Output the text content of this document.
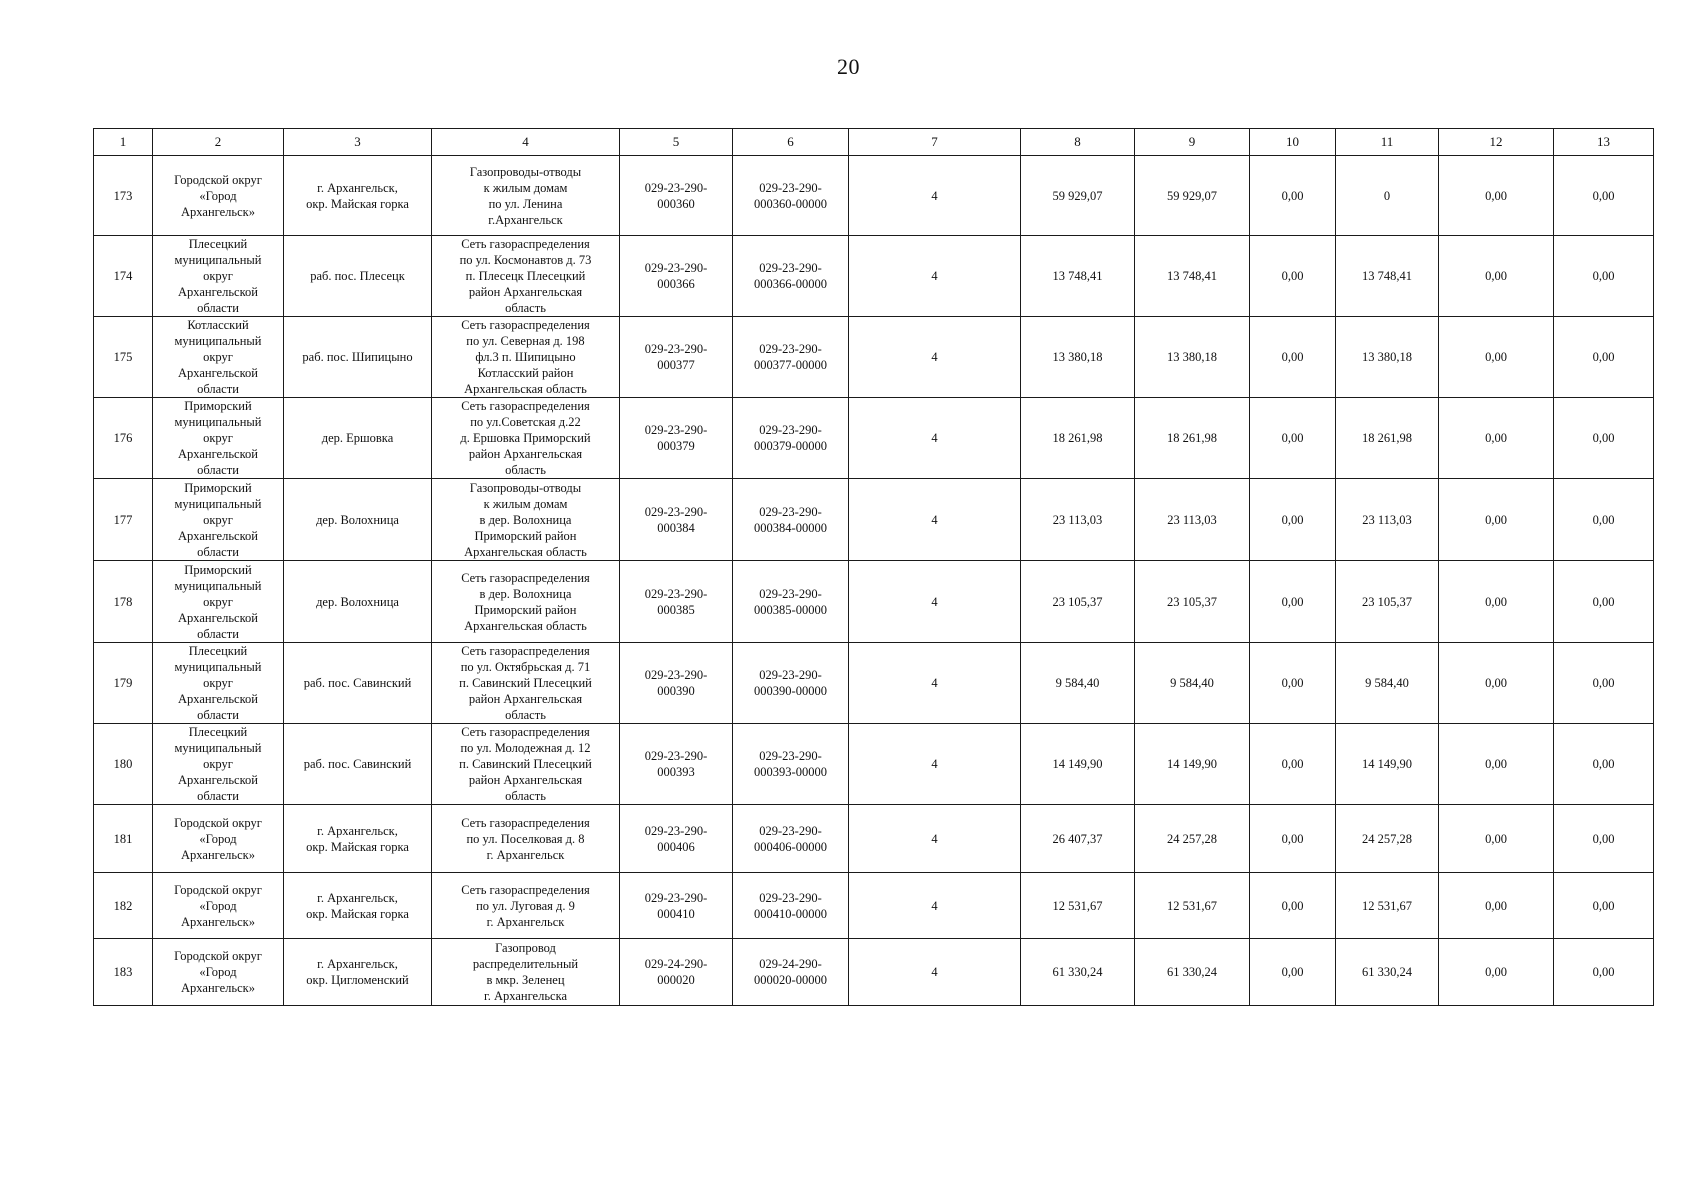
20
1	2	3	4	5	6	7	8	9	10	11	12	13
173	Городской округ
«Город
Архангельск»	г. Архангельск,
окр. Майская горка	Газопроводы-отводы
к жилым домам
по ул. Ленина
г.Архангельск	029-23-290-
000360	029-23-290-
000360-00000	4	59 929,07	59 929,07	0,00	0	0,00	0,00
174	Плесецкий
муниципальный
округ
Архангельской
области	раб. пос. Плесецк	Сеть газораспределения
по ул. Космонавтов д. 73
п. Плесецк Плесецкий
район Архангельская
область	029-23-290-
000366	029-23-290-
000366-00000	4	13 748,41	13 748,41	0,00	13 748,41	0,00	0,00
175	Котласский
муниципальный
округ
Архангельской
области	раб. пос. Шипицыно	Сеть газораспределения
по ул. Северная д. 198
фл.3 п. Шипицыно
Котласский район
Архангельская область	029-23-290-
000377	029-23-290-
000377-00000	4	13 380,18	13 380,18	0,00	13 380,18	0,00	0,00
176	Приморский
муниципальный
округ
Архангельской
области	дер. Ершовка	Сеть газораспределения
по ул.Советская д.22
д. Ершовка Приморский
район Архангельская
область	029-23-290-
000379	029-23-290-
000379-00000	4	18 261,98	18 261,98	0,00	18 261,98	0,00	0,00
177	Приморский
муниципальный
округ
Архангельской
области	дер. Волохница	Газопроводы-отводы
к жилым домам
в дер. Волохница
Приморский район
Архангельская область	029-23-290-
000384	029-23-290-
000384-00000	4	23 113,03	23 113,03	0,00	23 113,03	0,00	0,00
178	Приморский
муниципальный
округ
Архангельской
области	дер. Волохница	Сеть газораспределения
в дер. Волохница
Приморский район
Архангельская область	029-23-290-
000385	029-23-290-
000385-00000	4	23 105,37	23 105,37	0,00	23 105,37	0,00	0,00
179	Плесецкий
муниципальный
округ
Архангельской
области	раб. пос. Савинский	Сеть газораспределения
по ул. Октябрьская д. 71
п. Савинский Плесецкий
район Архангельская
область	029-23-290-
000390	029-23-290-
000390-00000	4	9 584,40	9 584,40	0,00	9 584,40	0,00	0,00
180	Плесецкий
муниципальный
округ
Архангельской
области	раб. пос. Савинский	Сеть газораспределения
по ул. Молодежная д. 12
п. Савинский Плесецкий
район Архангельская
область	029-23-290-
000393	029-23-290-
000393-00000	4	14 149,90	14 149,90	0,00	14 149,90	0,00	0,00
181	Городской округ
«Город
Архангельск»	г. Архангельск,
окр. Майская горка	Сеть газораспределения
по ул. Поселковая д. 8
г. Архангельск	029-23-290-
000406	029-23-290-
000406-00000	4	26 407,37	24 257,28	0,00	24 257,28	0,00	0,00
182	Городской округ
«Город
Архангельск»	г. Архангельск,
окр. Майская горка	Сеть газораспределения
по ул. Луговая д. 9
г. Архангельск	029-23-290-
000410	029-23-290-
000410-00000	4	12 531,67	12 531,67	0,00	12 531,67	0,00	0,00
183	Городской округ
«Город
Архангельск»	г. Архангельск,
окр. Цигломенский	Газопровод
распределительный
в мкр. Зеленец
г. Архангельска	029-24-290-
000020	029-24-290-
000020-00000	4	61 330,24	61 330,24	0,00	61 330,24	0,00	0,00
